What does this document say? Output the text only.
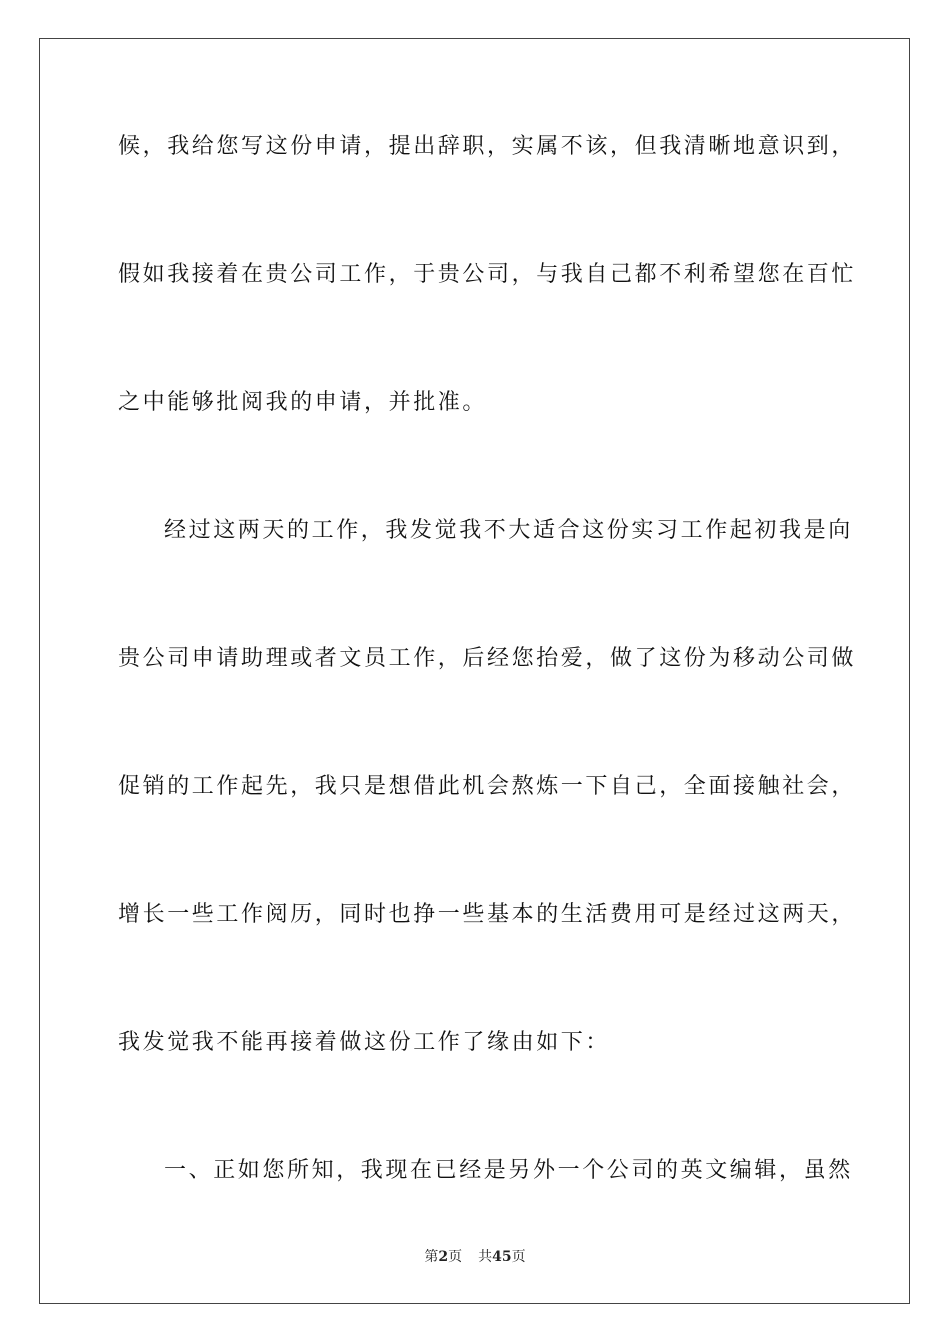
候，我给您写这份申请，提出辞职，实属不该，但我清晰地意识到，
假如我接着在贵公司工作，于贵公司，与我自己都不利希望您在百忙
之中能够批阅我的申请，并批准。
经过这两天的工作，我发觉我不大适合这份实习工作起初我是向
贵公司申请助理或者文员工作，后经您抬爱，做了这份为移动公司做
促销的工作起先，我只是想借此机会熬炼一下自己，全面接触社会，
增长一些工作阅历，同时也挣一些基本的生活费用可是经过这两天，
我发觉我不能再接着做这份工作了缘由如下：
一、正如您所知，我现在已经是另外一个公司的英文编辑，虽然
第2页 共45页
